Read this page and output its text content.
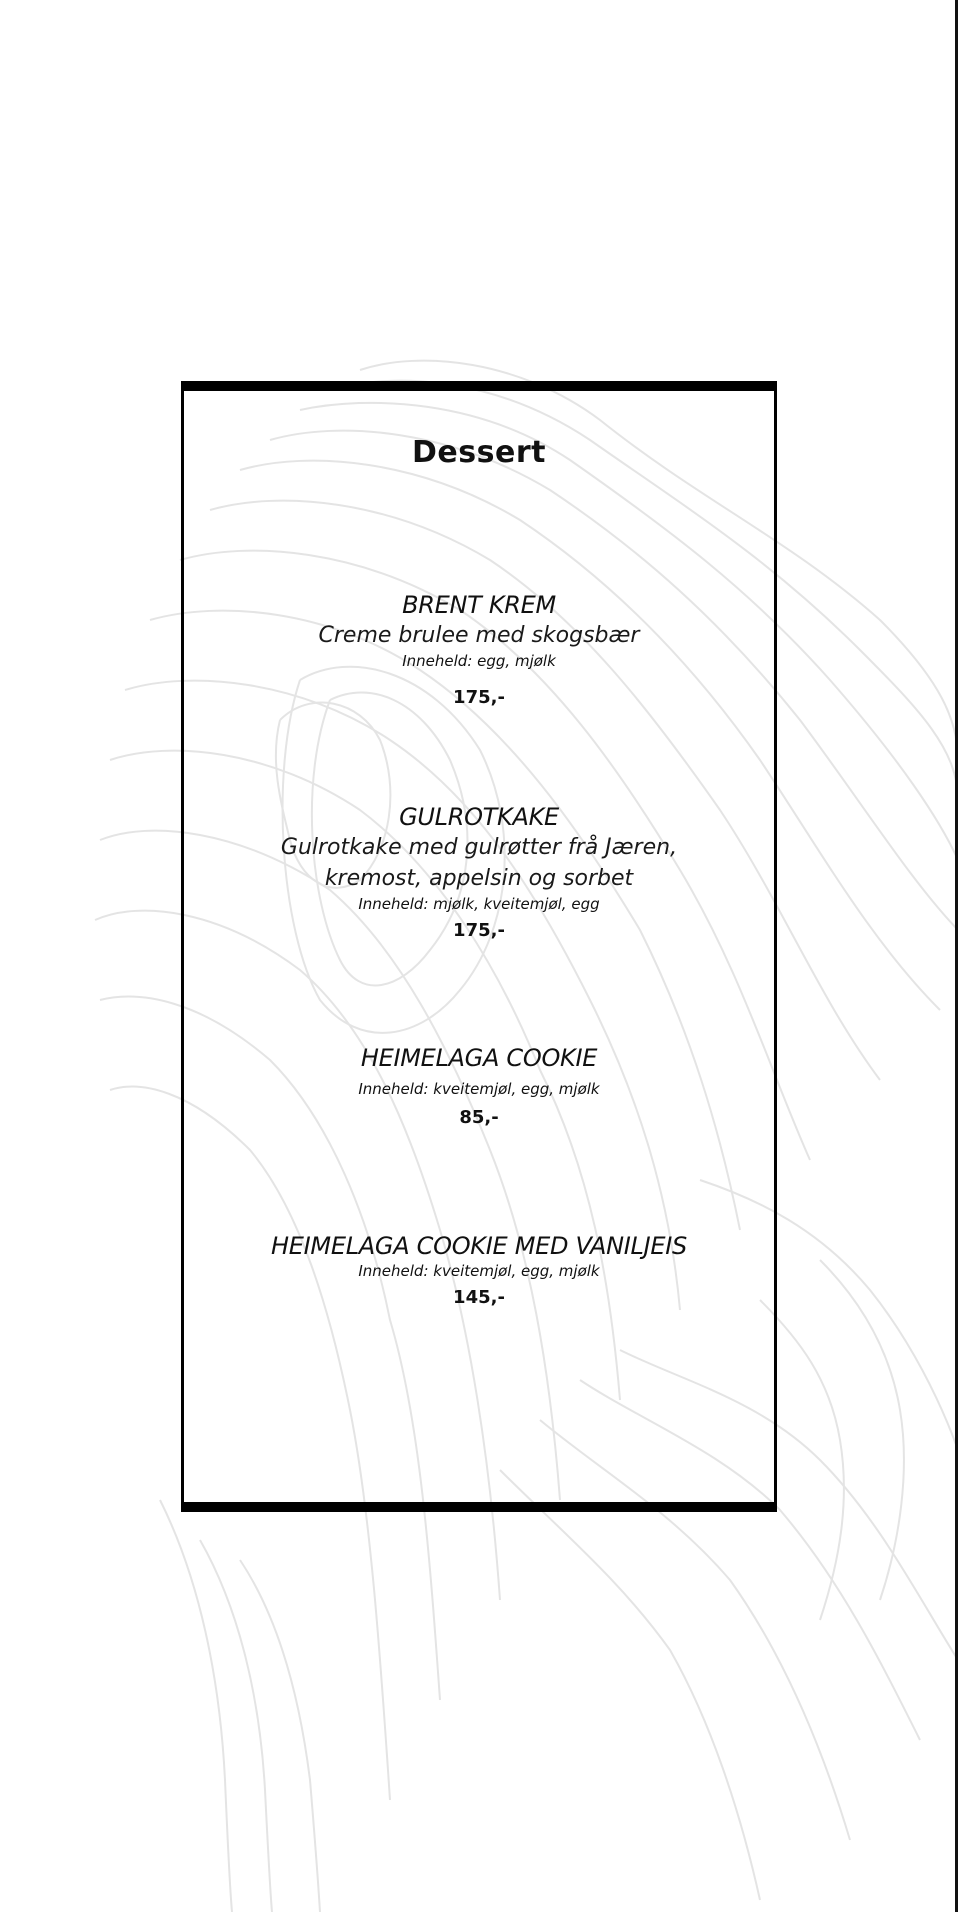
Dessert
BRENT KREM
Creme brulee med skogsbær
Inneheld: egg, mjølk
175,-
GULROTKAKE
Gulrotkake med gulrøtter frå Jæren,
kremost, appelsin og sorbet
Inneheld: mjølk, kveitemjøl, egg
175,-
HEIMELAGA COOKIE
Inneheld: kveitemjøl, egg, mjølk
85,-
HEIMELAGA COOKIE MED VANILJEIS
Inneheld: kveitemjøl, egg, mjølk
145,-
